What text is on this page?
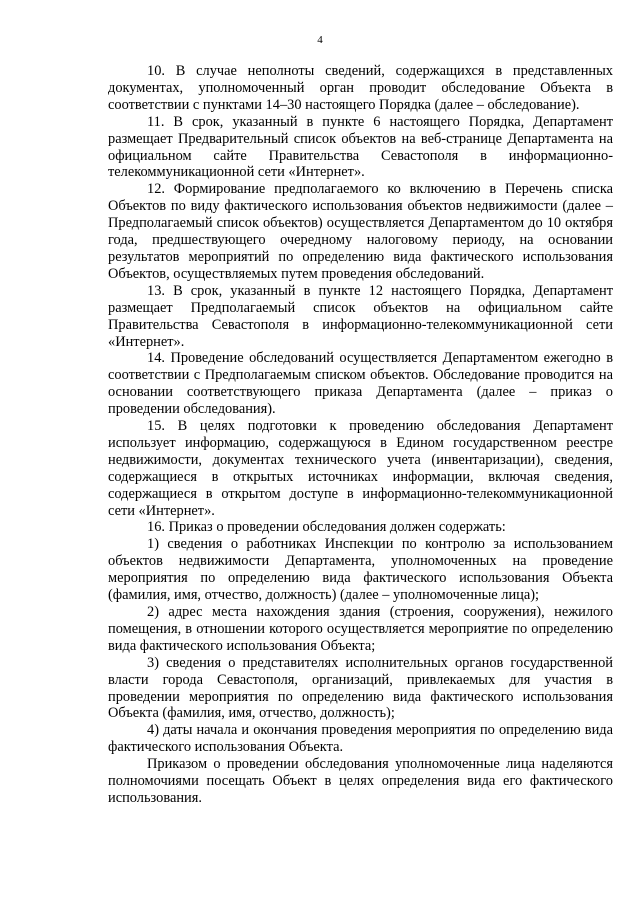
4

10. В случае неполноты сведений, содержащихся в представленных документах, уполномоченный орган проводит обследование Объекта в соответствии с пунктами 14–30 настоящего Порядка (далее – обследование).

11. В срок, указанный в пункте 6 настоящего Порядка, Департамент размещает Предварительный список объектов на веб-странице Департамента на официальном сайте Правительства Севастополя в информационно-телекоммуникационной сети «Интернет».

12. Формирование предполагаемого ко включению в Перечень списка Объектов по виду фактического использования объектов недвижимости (далее – Предполагаемый список объектов) осуществляется Департаментом до 10 октября года, предшествующего очередному налоговому периоду, на основании результатов мероприятий по определению вида фактического использования Объектов, осуществляемых путем проведения обследований.

13. В срок, указанный в пункте 12 настоящего Порядка, Департамент размещает Предполагаемый список объектов на официальном сайте Правительства Севастополя в информационно-телекоммуникационной сети «Интернет».

14. Проведение обследований осуществляется Департаментом ежегодно в соответствии с Предполагаемым списком объектов. Обследование проводится на основании соответствующего приказа Департамента (далее – приказ о проведении обследования).

15. В целях подготовки к проведению обследования Департамент использует информацию, содержащуюся в Едином государственном реестре недвижимости, документах технического учета (инвентаризации), сведения, содержащиеся в открытых источниках информации, включая сведения, содержащиеся в открытом доступе в информационно-телекоммуникационной сети «Интернет».

16. Приказ о проведении обследования должен содержать:

1) сведения о работниках Инспекции по контролю за использованием объектов недвижимости Департамента, уполномоченных на проведение мероприятия по определению вида фактического использования Объекта (фамилия, имя, отчество, должность) (далее – уполномоченные лица);

2) адрес места нахождения здания (строения, сооружения), нежилого помещения, в отношении которого осуществляется мероприятие по определению вида фактического использования Объекта;

3) сведения о представителях исполнительных органов государственной власти города Севастополя, организаций, привлекаемых для участия в проведении мероприятия по определению вида фактического использования Объекта (фамилия, имя, отчество, должность);

4) даты начала и окончания проведения мероприятия по определению вида фактического использования Объекта.

Приказом о проведении обследования уполномоченные лица наделяются полномочиями посещать Объект в целях определения вида его фактического использования.
